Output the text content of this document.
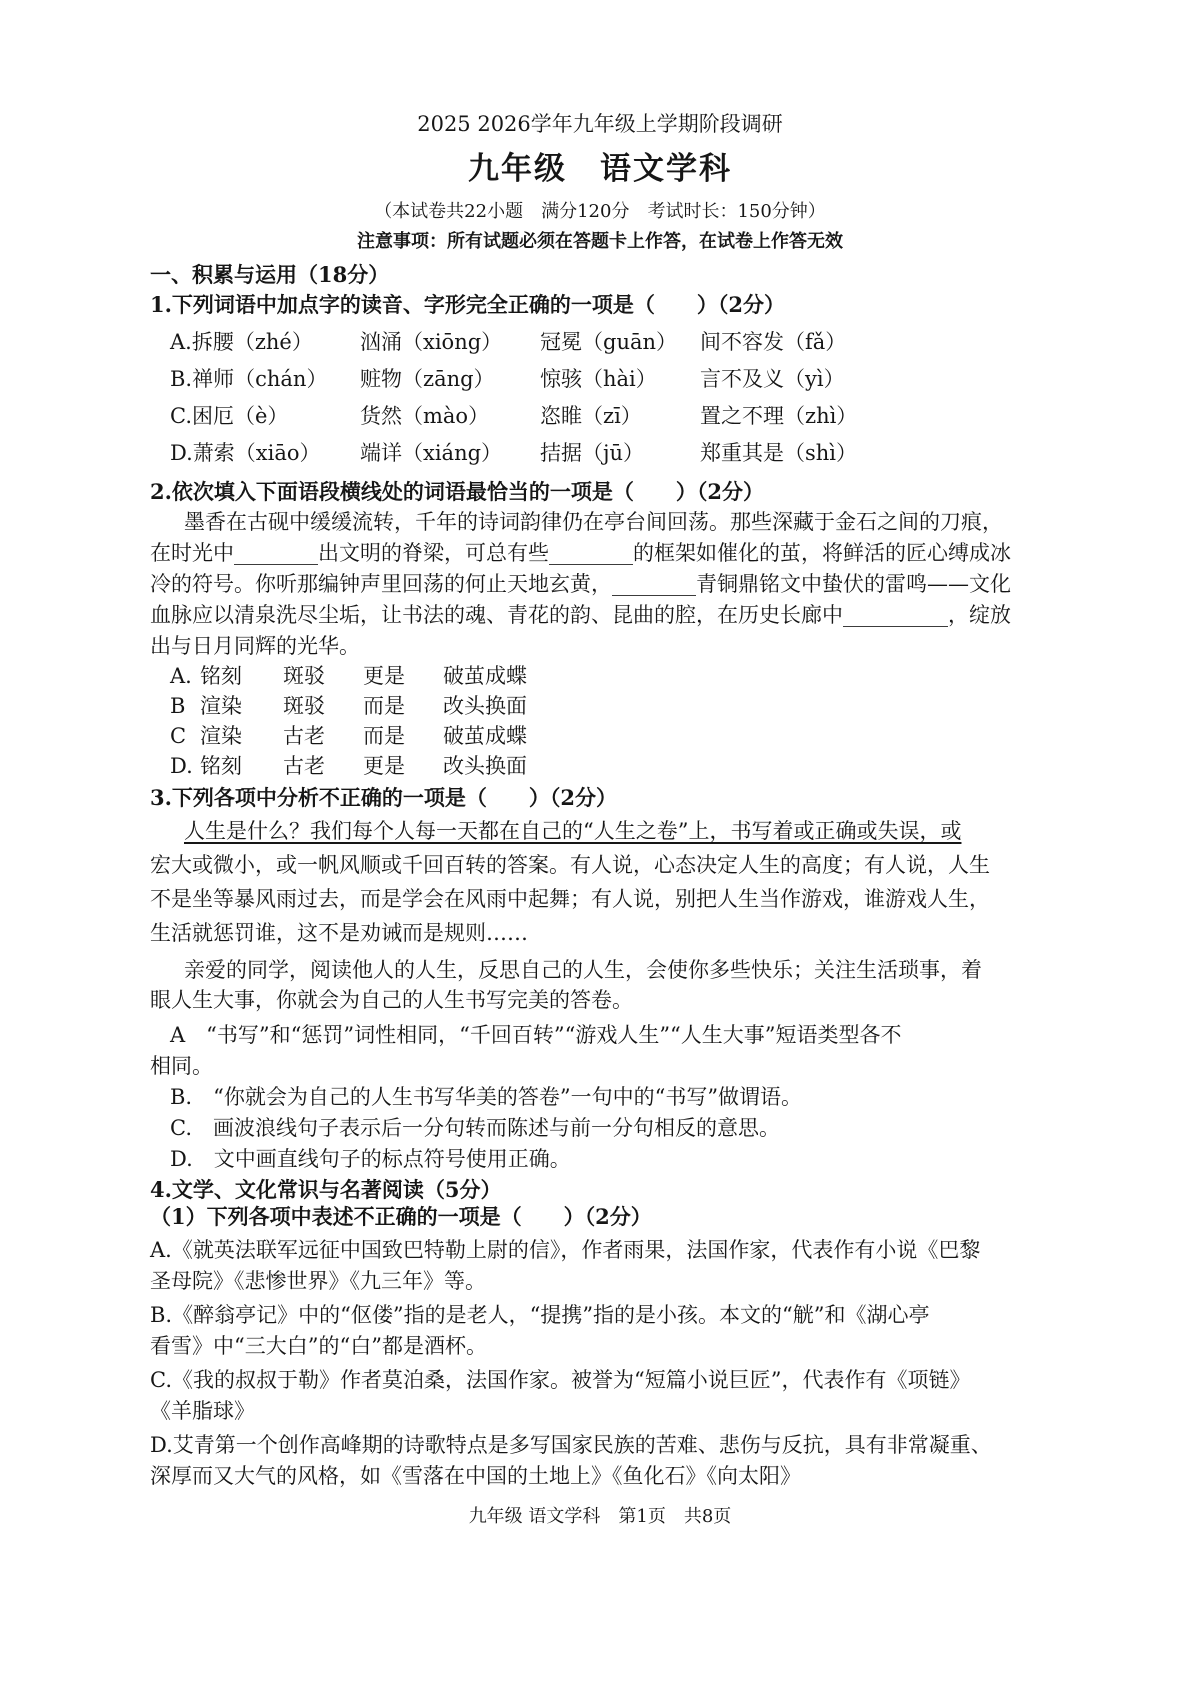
2025 2026学年九年级上学期阶段调研
九年级　语文学科
（本试卷共22小题　满分120分　考试时长：150分钟）
注意事项：所有试题必须在答题卡上作答，在试卷上作答无效
一、积累与运用（18分）
1.下列词语中加点字的读音、字形完全正确的一项是（　　）（2分）
A.拆腰（zhé） 汹涌（xiōng） 冠冕（guān） 间不容发（fǎ）
B.禅师（chán） 赃物（zāng） 惊骇（hài） 言不及义（yì）
C.困厄（è）	货然（mào） 恣睢（zī）	置之不理（zhì）
D.萧索（xiāo） 端详（xiáng） 拮据（jū）	郑重其是（shì）
2.依次填入下面语段横线处的词语最恰当的一项是（　　）（2分）
墨香在古砚中缓缓流转，千年的诗词韵律仍在亭台间回荡。那些深藏于金石之间的刀痕，
在时光中________出文明的脊梁，可总有些________的框架如催化的茧，将鲜活的匠心缚成冰
冷的符号。你听那编钟声里回荡的何止天地玄黄，________青铜鼎铭文中蛰伏的雷鸣——文化
血脉应以清泉洗尽尘垢，让书法的魂、青花的韵、昆曲的腔，在历史长廊中__________，绽放
出与日月同辉的光华。
A. 铭刻 斑驳 更是 破茧成蝶
B 渲染 斑驳 而是 改头换面
C 渲染 古老 而是 破茧成蝶
D. 铭刻 古老 更是 改头换面
3.下列各项中分析不正确的一项是（　　）（2分）
人生是什么？我们每个人每一天都在自己的“人生之卷”上，书写着或正确或失误，或
宏大或微小，或一帆风顺或千回百转的答案。有人说，心态决定人生的高度；有人说，人生
不是坐等暴风雨过去，而是学会在风雨中起舞；有人说，别把人生当作游戏，谁游戏人生，
生活就惩罚谁，这不是劝诫而是规则……
亲爱的同学，阅读他人的人生，反思自己的人生，会使你多些快乐；关注生活琐事，着
眼人生大事，你就会为自己的人生书写完美的答卷。
A　“书写”和“惩罚”词性相同，“千回百转”“游戏人生”“人生大事”短语类型各不
相同。
B.　“你就会为自己的人生书写华美的答卷”一句中的“书写”做谓语。
C.　画波浪线句子表示后一分句转而陈述与前一分句相反的意思。
D.　文中画直线句子的标点符号使用正确。
4.文学、文化常识与名著阅读（5分）
（1）下列各项中表述不正确的一项是（　　）（2分）
A.《就英法联军远征中国致巴特勒上尉的信》，作者雨果，法国作家，代表作有小说《巴黎
圣母院》《悲惨世界》《九三年》等。
B.《醉翁亭记》中的“伛偻”指的是老人，“提携”指的是小孩。本文的“觥”和《湖心亭
看雪》中“三大白”的“白”都是酒杯。
C.《我的叔叔于勒》作者莫泊桑，法国作家。被誉为“短篇小说巨匠”，代表作有《项链》
《羊脂球》
D.艾青第一个创作高峰期的诗歌特点是多写国家民族的苦难、悲伤与反抗，具有非常凝重、
深厚而又大气的风格，如《雪落在中国的土地上》《鱼化石》《向太阳》
九年级 语文学科　第1页　共8页
